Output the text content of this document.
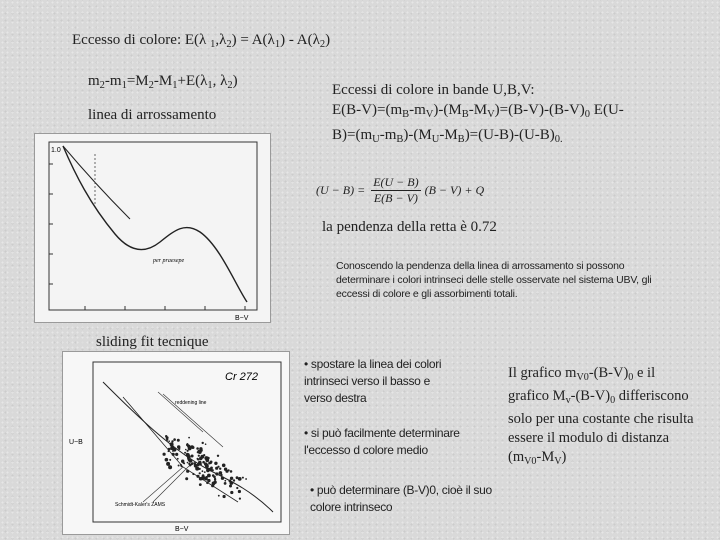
Eccesso di colore: E(λ $_1,\lambda_2) = A(\lambda_1) - A(\lambda_2)$
$m_2-m_1=M_2-M_1+E(\lambda_1$, $\lambda_2$)
linea di arrossamento
Eccessi di colore in bande U,B,V:
$E(B-V)=(m_B-m_V)-(M_B-M_V)=(B-V)-(B-V)_0$ E(U-
$B)=(m_U-m_B)-(M_U-M_B)=(U-B)-(U-B)_{0.}$
1.0
per praesepe
B−V
$(U - B) = \frac{E(U - B)}{E(B - V)} (B - V) + Q$
la pendenza della retta è 0.72
Conoscendo la pendenza della linea di arrossamento si possono determinare i colori intrinseci delle stelle osservate nel sistema UBV, gli eccessi di colore e gli assorbimenti totali.
sliding fit tecnique
Cr 272
reddening line
Schmidt-Kaler's ZAMS
U−B
B−V
• spostare la linea dei colori intrinseci verso il basso e verso destra
• si può facilmente determinare l'eccesso d colore medio
• può determinare (B-V)0, cioè il suo colore intrinseco
Il grafico $m_{V0}-(B-V)_0$ e il grafico $M_v-(B-V)_0$ differiscono solo per una costante che risulta essere il modulo di distanza $(m_{V0}-M_V)$
